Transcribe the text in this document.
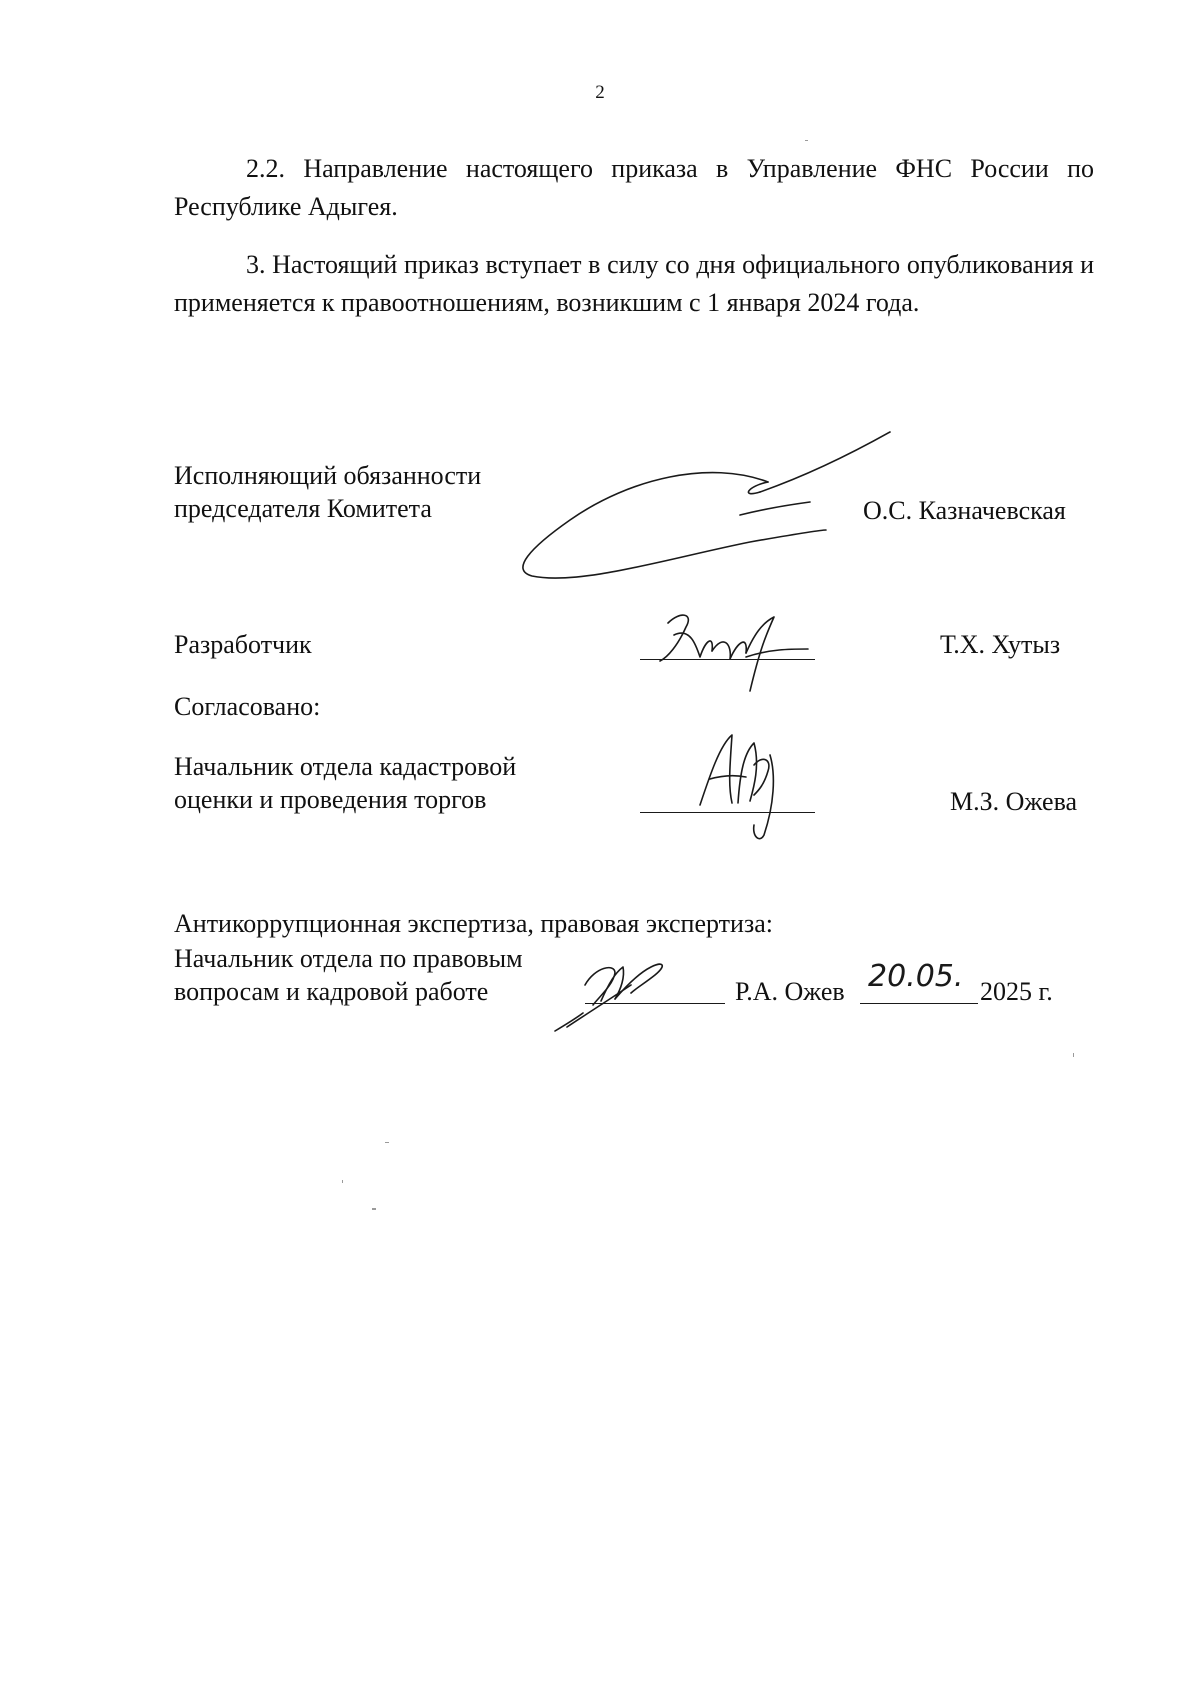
2
2.2. Направление настоящего приказа в Управление ФНС России по Республике Адыгея.
3. Настоящий приказ вступает в силу со дня официального опубликования и применяется к правоотношениям, возникшим с 1 января 2024 года.
Исполняющий обязанности
председателя Комитета	О.С. Казначевская
Разработчик	Т.Х. Хутыз
Согласовано:
Начальник отдела кадастровой
оценки и проведения торгов	М.З. Ожева
Антикоррупционная экспертиза, правовая экспертиза:
Начальник отдела по правовым
вопросам и кадровой работе	Р.А. Ожев 20.05. 2025 г.
